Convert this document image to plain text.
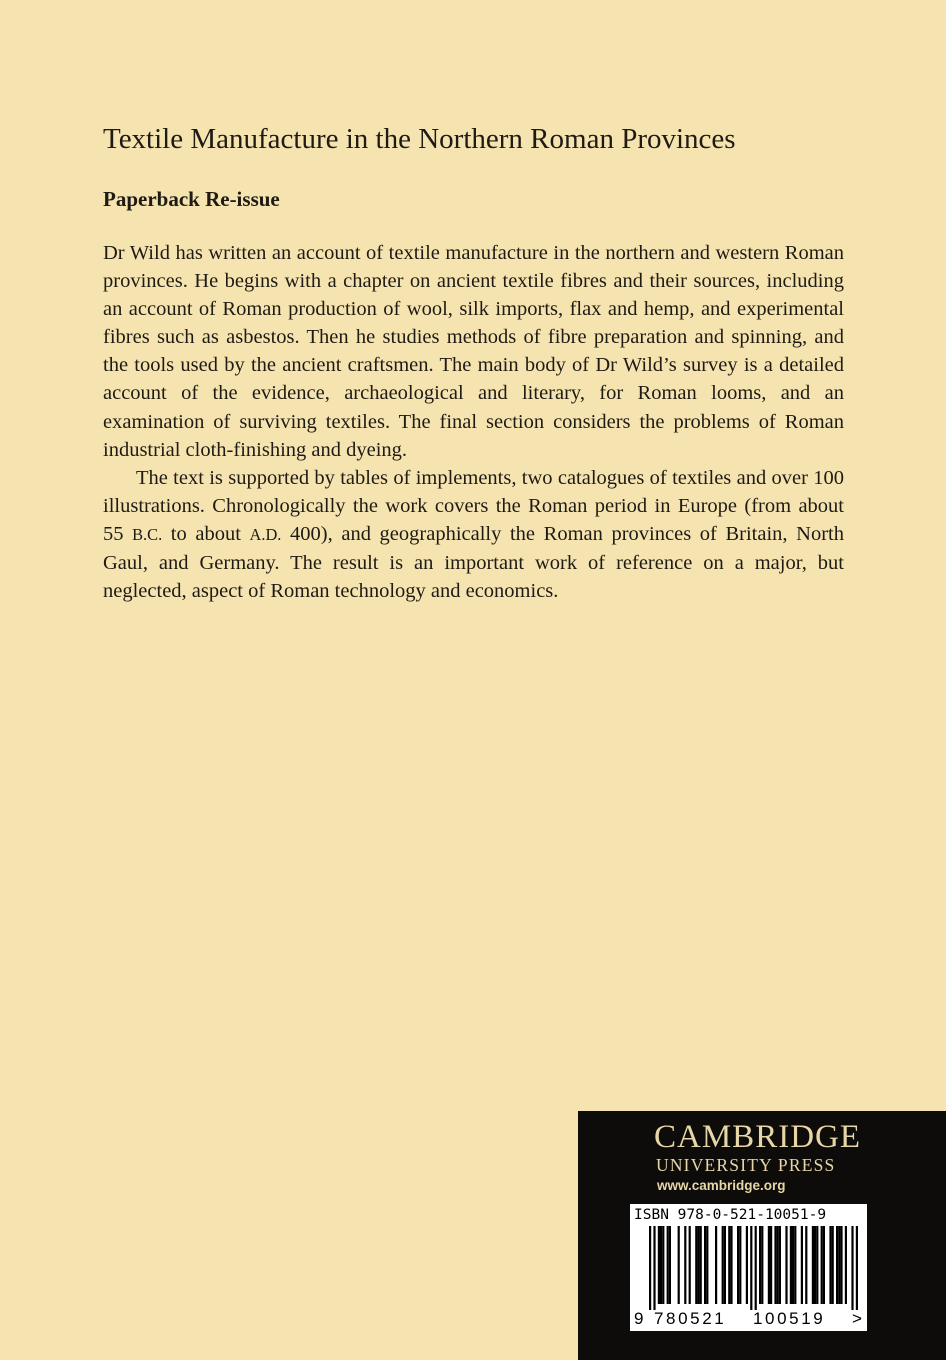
Textile Manufacture in the Northern Roman Provinces
Paperback Re-issue

Dr Wild has written an account of textile manufacture in the northern and western Roman provinces. He begins with a chapter on ancient textile fibres and their sources, including an account of Roman production of wool, silk imports, flax and hemp, and experimental fibres such as asbestos. Then he studies methods of fibre preparation and spinning, and the tools used by the ancient craftsmen. The main body of Dr Wild’s survey is a detailed account of the evidence, archaeological and literary, for Roman looms, and an examination of surviving textiles. The final section considers the problems of Roman industrial cloth-finishing and dyeing.

The text is supported by tables of implements, two catalogues of textiles and over 100 illustrations. Chronologically the work covers the Roman period in Europe (from about 55 B.C. to about A.D. 400), and geographically the Roman provinces of Britain, North Gaul, and Germany. The result is an important work of reference on a major, but neglected, aspect of Roman technology and economics.

CAMBRIDGE
UNIVERSITY PRESS
www.cambridge.org
ISBN 978-0-521-10051-9
9 780521 100519 >
